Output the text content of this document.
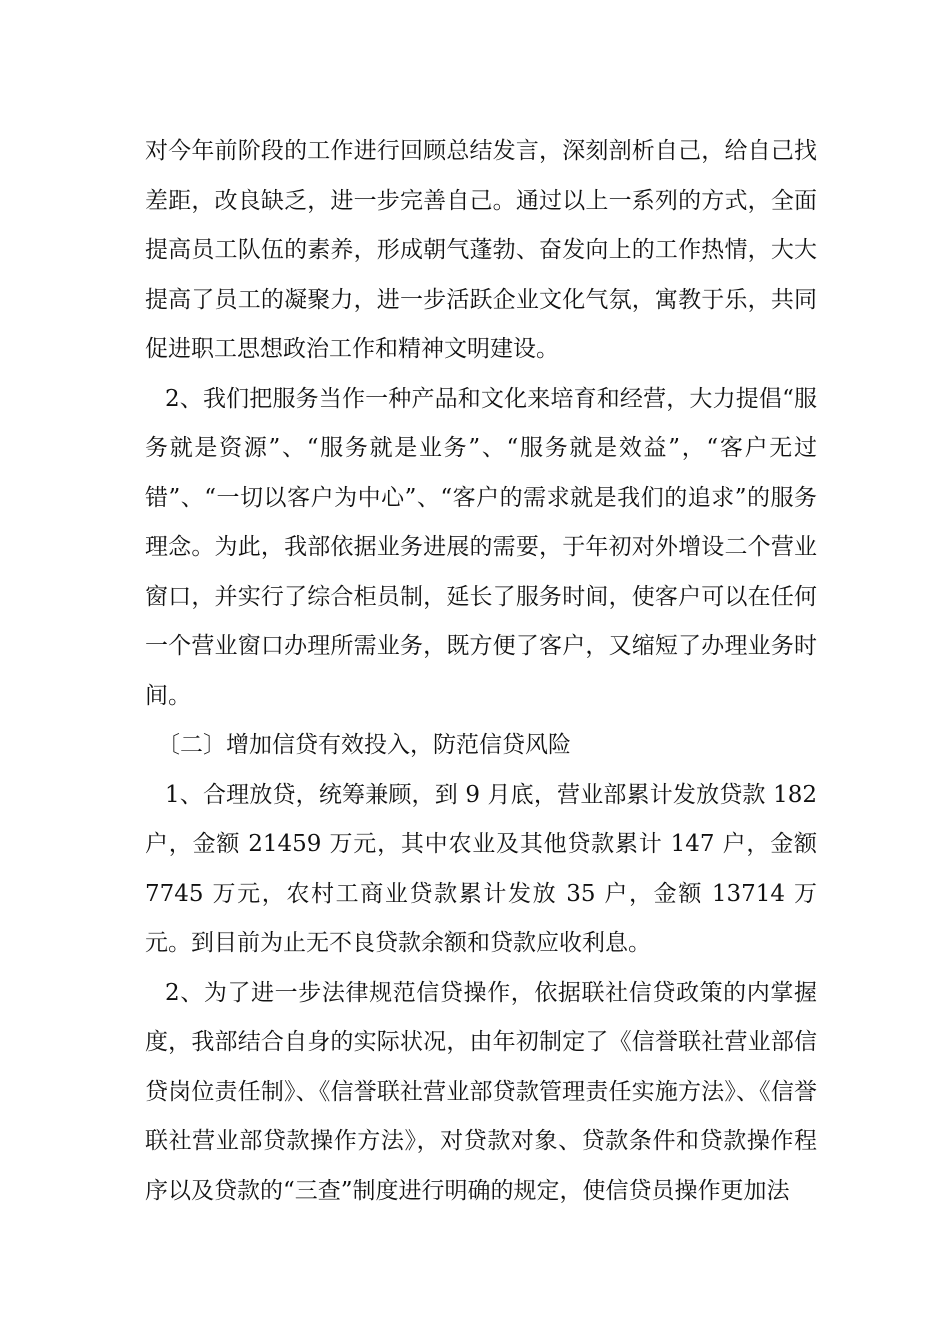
对今年前阶段的工作进行回顾总结发言，深刻剖析自己，给自己找差距，改良缺乏，进一步完善自己。通过以上一系列的方式，全面提高员工队伍的素养，形成朝气蓬勃、奋发向上的工作热情，大大提高了员工的凝聚力，进一步活跃企业文化气氛，寓教于乐，共同促进职工思想政治工作和精神文明建设。

2、我们把服务当作一种产品和文化来培育和经营，大力提倡“服务就是资源”、“服务就是业务”、“服务就是效益”，“客户无过错”、“一切以客户为中心”、“客户的需求就是我们的追求”的服务理念。为此，我部依据业务进展的需要，于年初对外增设二个营业窗口，并实行了综合柜员制，延长了服务时间，使客户可以在任何一个营业窗口办理所需业务，既方便了客户，又缩短了办理业务时间。

〔二〕增加信贷有效投入，防范信贷风险

1、合理放贷，统筹兼顾，到 9 月底，营业部累计发放贷款 182 户，金额 21459 万元，其中农业及其他贷款累计 147 户，金额 7745 万元，农村工商业贷款累计发放 35 户，金额 13714 万元。到目前为止无不良贷款余额和贷款应收利息。

2、为了进一步法律规范信贷操作，依据联社信贷政策的内掌握度，我部结合自身的实际状况，由年初制定了《信誉联社营业部信贷岗位责任制》、《信誉联社营业部贷款管理责任实施方法》、《信誉联社营业部贷款操作方法》，对贷款对象、贷款条件和贷款操作程序以及贷款的“三查”制度进行明确的规定，使信贷员操作更加法
